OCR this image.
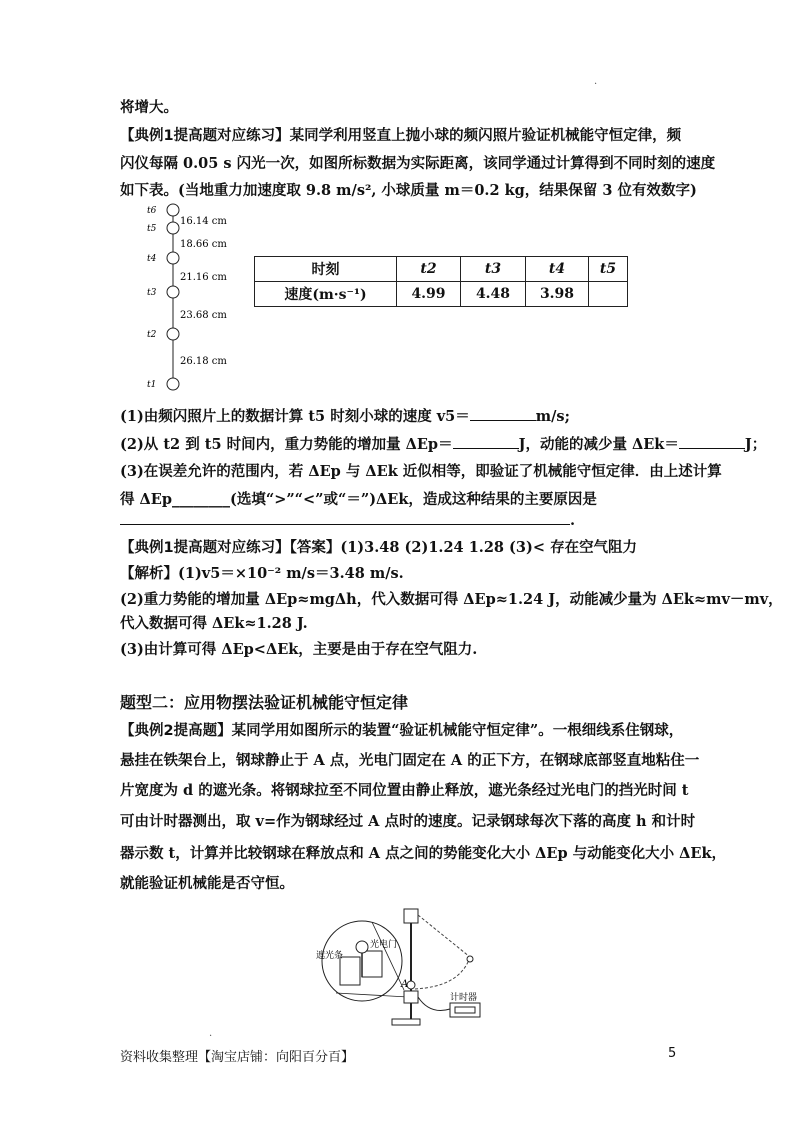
.
将增大。
【典例1提高题对应练习】某同学利用竖直上抛小球的频闪照片验证机械能守恒定律，频
闪仪每隔 0.05 s 闪光一次，如图所标数据为实际距离，该同学通过计算得到不同时刻的速度
如下表。(当地重力加速度取 9.8 m/s², 小球质量 m＝0.2 kg，结果保留 3 位有效数字)
t6
t5
t4
t3
t2
t1
16.14 cm
18.66 cm
21.16 cm
23.68 cm
26.18 cm
时刻	t2	t3	t4	t5
速度(m·s⁻¹)	4.99	4.48	3.98	
(1)由频闪照片上的数据计算 t5 时刻小球的速度 v5＝	m/s;
(2)从 t2 到 t5 时间内，重力势能的增加量 ΔEp＝	J，动能的减少量 ΔEk＝	J；
(3)在误差允许的范围内，若 ΔEp 与 ΔEk 近似相等，即验证了机械能守恒定律．由上述计算
得 ΔEp________(选填“>”“<”或“＝”)ΔEk，造成这种结果的主要原因是
.
【典例1提高题对应练习】【答案】(1)3.48 (2)1.24 1.28 (3)< 存在空气阻力
【解析】(1)v5＝×10⁻² m/s＝3.48 m/s.
(2)重力势能的增加量 ΔEp≈mgΔh，代入数据可得 ΔEp≈1.24 J，动能减少量为 ΔEk≈mv－mv，
代入数据可得 ΔEk≈1.28 J.
(3)由计算可得 ΔEp<ΔEk，主要是由于存在空气阻力.
题型二：应用物摆法验证机械能守恒定律
【典例2提高题】某同学用如图所示的装置“验证机械能守恒定律”。一根细线系住钢球，
悬挂在铁架台上，钢球静止于 A 点，光电门固定在 A 的正下方，在钢球底部竖直地粘住一
片宽度为 d 的遮光条。将钢球拉至不同位置由静止释放，遮光条经过光电门的挡光时间 t
可由计时器测出，取 v=作为钢球经过 A 点时的速度。记录钢球每次下落的高度 h 和计时
器示数 t，计算并比较钢球在释放点和 A 点之间的势能变化大小 ΔEp 与动能变化大小 ΔEk，
就能验证机械能是否守恒。
遮光条
光电门
A
计时器
.
资料收集整理【淘宝店铺：向阳百分百】	5
